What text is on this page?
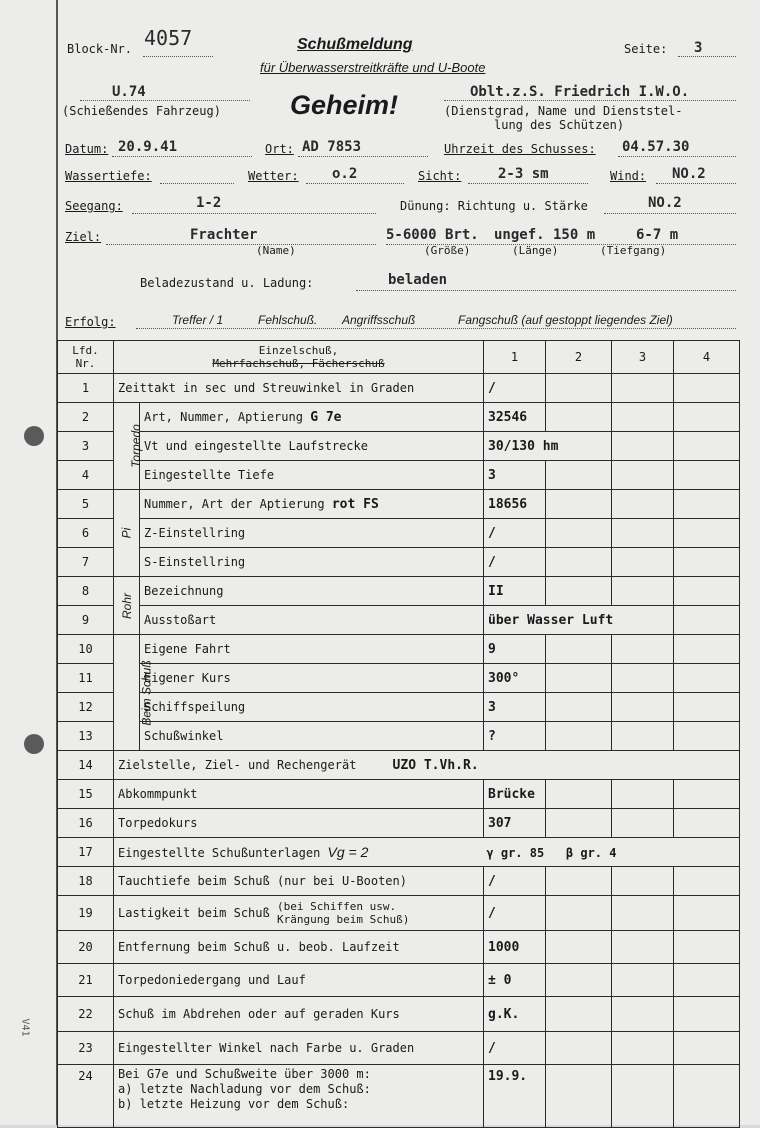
V41
Block-Nr. 4057	Schußmeldung
für Überwasserstreitkräfte und U-Boote
Seite: 3
U.74
(Schießendes Fahrzeug)	Geheim!	Oblt.z.S. Friedrich I.W.O.
(Dienstgrad, Name und Dienststel-
lung des Schützen)
Datum: 20.9.41	Ort: AD 7853	Uhrzeit des Schusses: 04.57.30
Wassertiefe:	Wetter: o.2	Sicht:	2-3 sm	Wind: NO.2
Seegang:	1-2	Dünung: Richtung u. Stärke	NO.2
Ziel:	Frachter
(Name)
5-6000 Brt.
(Größe)
ungef. 150 m
(Länge)
6-7 m
(Tiefgang)
Beladezustand u. Ladung:	beladen
Erfolg:	Treffer / 1	Fehlschuß. Angriffsschuß	Fangschuß (auf gestoppt liegendes Ziel)
Lfd.
Nr.	Einzelschuß,
Mehrfachschuß, Fächerschuß		1	2	3	4
1	Zeittakt in sec und Streuwinkel in Graden		/			
2	Torpedo	Art, Nummer, Aptierung G 7e	32546			
3		Vt und eingestellte Laufstrecke	30/130 hm			
4		Eingestellte Tiefe	3			
5	Pi	Nummer, Art der Aptierung rot FS	18656			
6		Z-Einstellring	/			
7		S-Einstellring	/			
8	Rohr	Bezeichnung	II			
9		Ausstoßart	über Wasser Luft			
10	Beim Schuß	Eigene Fahrt	9			
11		Eigener Kurs	300°			
12		Schiffspeilung	3			
13		Schußwinkel	?			
14	Zielstelle, Ziel- und Rechengerät UZO T.Vh.R.					
15	Abkommpunkt		Brücke			
16	Torpedokurs		307			
17	Eingestellte Schußunterlagen Vg = 2 γ gr. 85 β gr. 4					
18	Tauchtiefe beim Schuß (nur bei U-Booten)		/			
19	Lastigkeit beim Schuß (bei Schiffen usw.
Krängung beim Schuß)		/			
20	Entfernung beim Schuß u. beob. Laufzeit		1000			
21	Torpedoniedergang und Lauf		± 0			
22	Schuß im Abdrehen oder auf geraden Kurs		g.K.			
23	Eingestellter Winkel nach Farbe u. Graden		/			
24	Bei G7e und Schußweite über 3000 m:
a) letzte Nachladung vor dem Schuß:
b) letzte Heizung vor dem Schuß:		19.9.			
